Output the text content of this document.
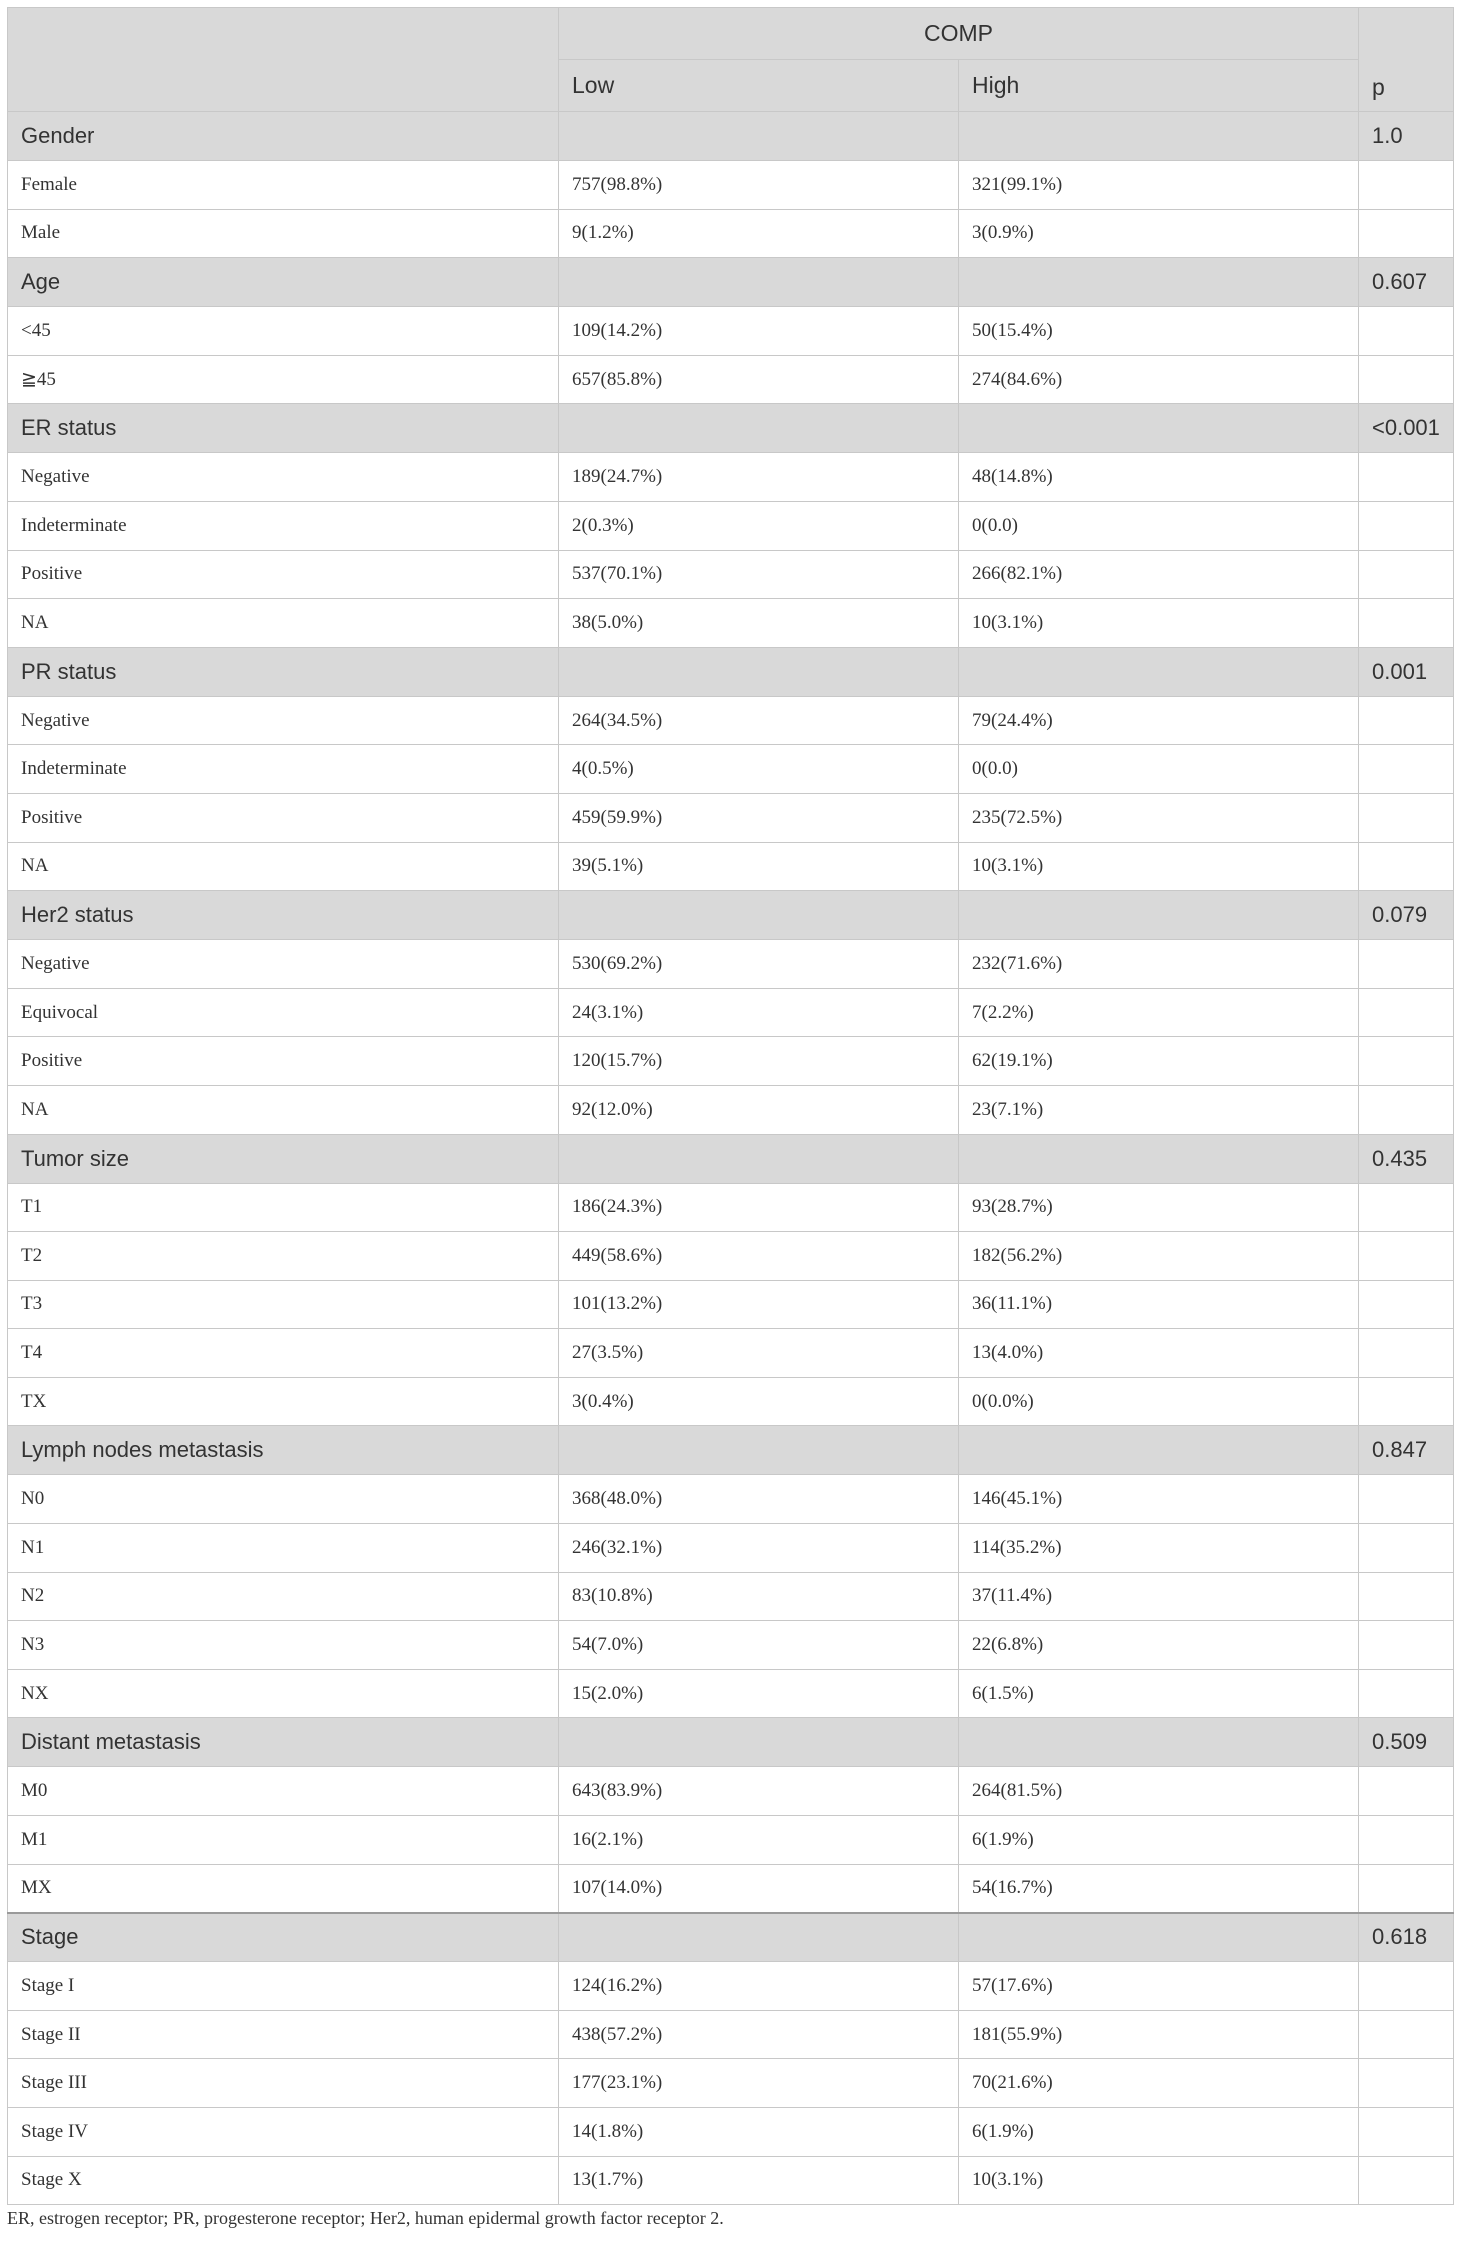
	COMP		p
	Low	High	
Gender			1.0
Female	757(98.8%)	321(99.1%)	
Male	9(1.2%)	3(0.9%)	
Age			0.607
<45	109(14.2%)	50(15.4%)	
≧45	657(85.8%)	274(84.6%)	
ER status			<0.001
Negative	189(24.7%)	48(14.8%)	
Indeterminate	2(0.3%)	0(0.0)	
Positive	537(70.1%)	266(82.1%)	
NA	38(5.0%)	10(3.1%)	
PR status			0.001
Negative	264(34.5%)	79(24.4%)	
Indeterminate	4(0.5%)	0(0.0)	
Positive	459(59.9%)	235(72.5%)	
NA	39(5.1%)	10(3.1%)	
Her2 status			0.079
Negative	530(69.2%)	232(71.6%)	
Equivocal	24(3.1%)	7(2.2%)	
Positive	120(15.7%)	62(19.1%)	
NA	92(12.0%)	23(7.1%)	
Tumor size			0.435
T1	186(24.3%)	93(28.7%)	
T2	449(58.6%)	182(56.2%)	
T3	101(13.2%)	36(11.1%)	
T4	27(3.5%)	13(4.0%)	
TX	3(0.4%)	0(0.0%)	
Lymph nodes metastasis			0.847
N0	368(48.0%)	146(45.1%)	
N1	246(32.1%)	114(35.2%)	
N2	83(10.8%)	37(11.4%)	
N3	54(7.0%)	22(6.8%)	
NX	15(2.0%)	6(1.5%)	
Distant metastasis			0.509
M0	643(83.9%)	264(81.5%)	
M1	16(2.1%)	6(1.9%)	
MX	107(14.0%)	54(16.7%)	
Stage			0.618
Stage I	124(16.2%)	57(17.6%)	
Stage II	438(57.2%)	181(55.9%)	
Stage III	177(23.1%)	70(21.6%)	
Stage IV	14(1.8%)	6(1.9%)	
Stage X	13(1.7%)	10(3.1%)	
ER, estrogen receptor; PR, progesterone receptor; Her2, human epidermal growth factor receptor 2.
